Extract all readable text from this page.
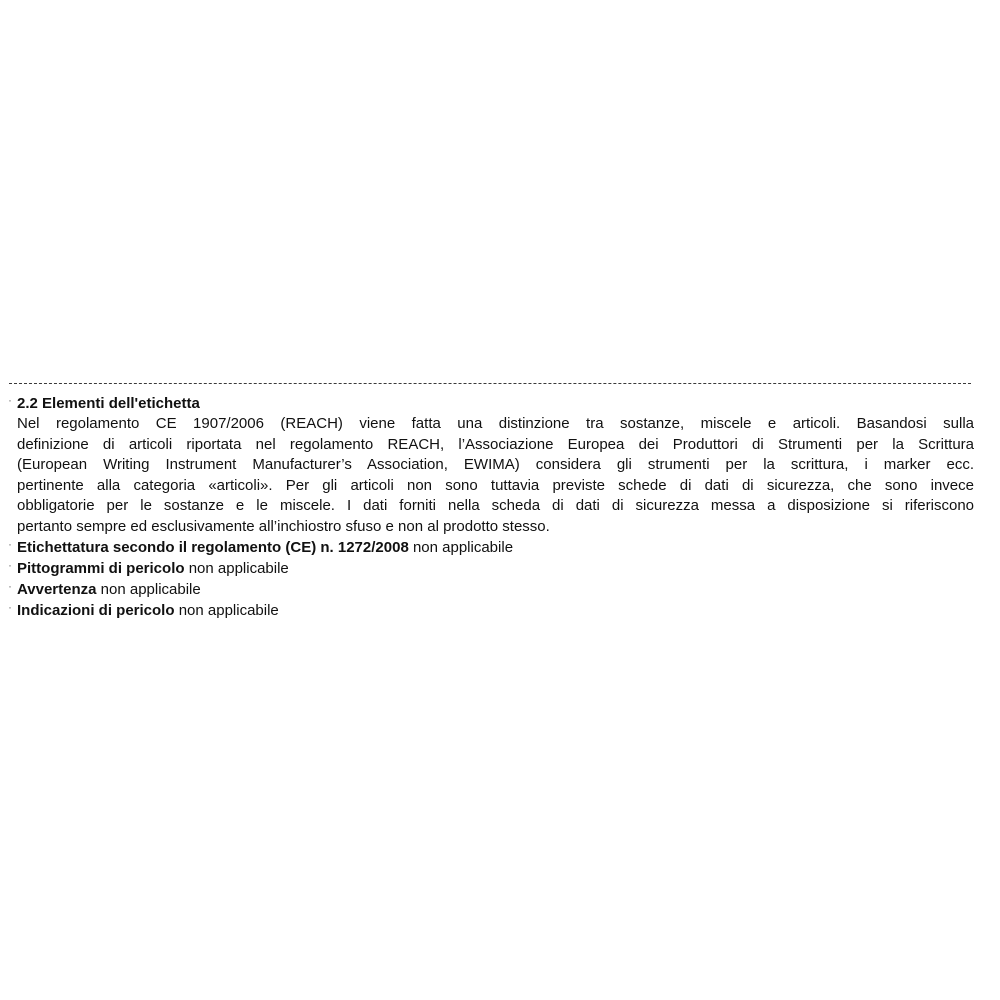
· 2.2 Elementi dell'etichetta
Nel regolamento CE 1907/2006 (REACH) viene fatta una distinzione tra sostanze, miscele e articoli. Basandosi sulla
definizione di articoli riportata nel regolamento REACH, l’Associazione Europea dei Produttori di Strumenti per la Scrittura
(European Writing Instrument Manufacturer’s Association, EWIMA) considera gli strumenti per la scrittura, i marker ecc.
pertinente alla categoria «articoli». Per gli articoli non sono tuttavia previste schede di dati di sicurezza, che sono invece
obbligatorie per le sostanze e le miscele. I dati forniti nella scheda di dati di sicurezza messa a disposizione si riferiscono
pertanto sempre ed esclusivamente all’inchiostro sfuso e non al prodotto stesso.
· Etichettatura secondo il regolamento (CE) n. 1272/2008 non applicabile
· Pittogrammi di pericolo non applicabile
· Avvertenza non applicabile
· Indicazioni di pericolo non applicabile
